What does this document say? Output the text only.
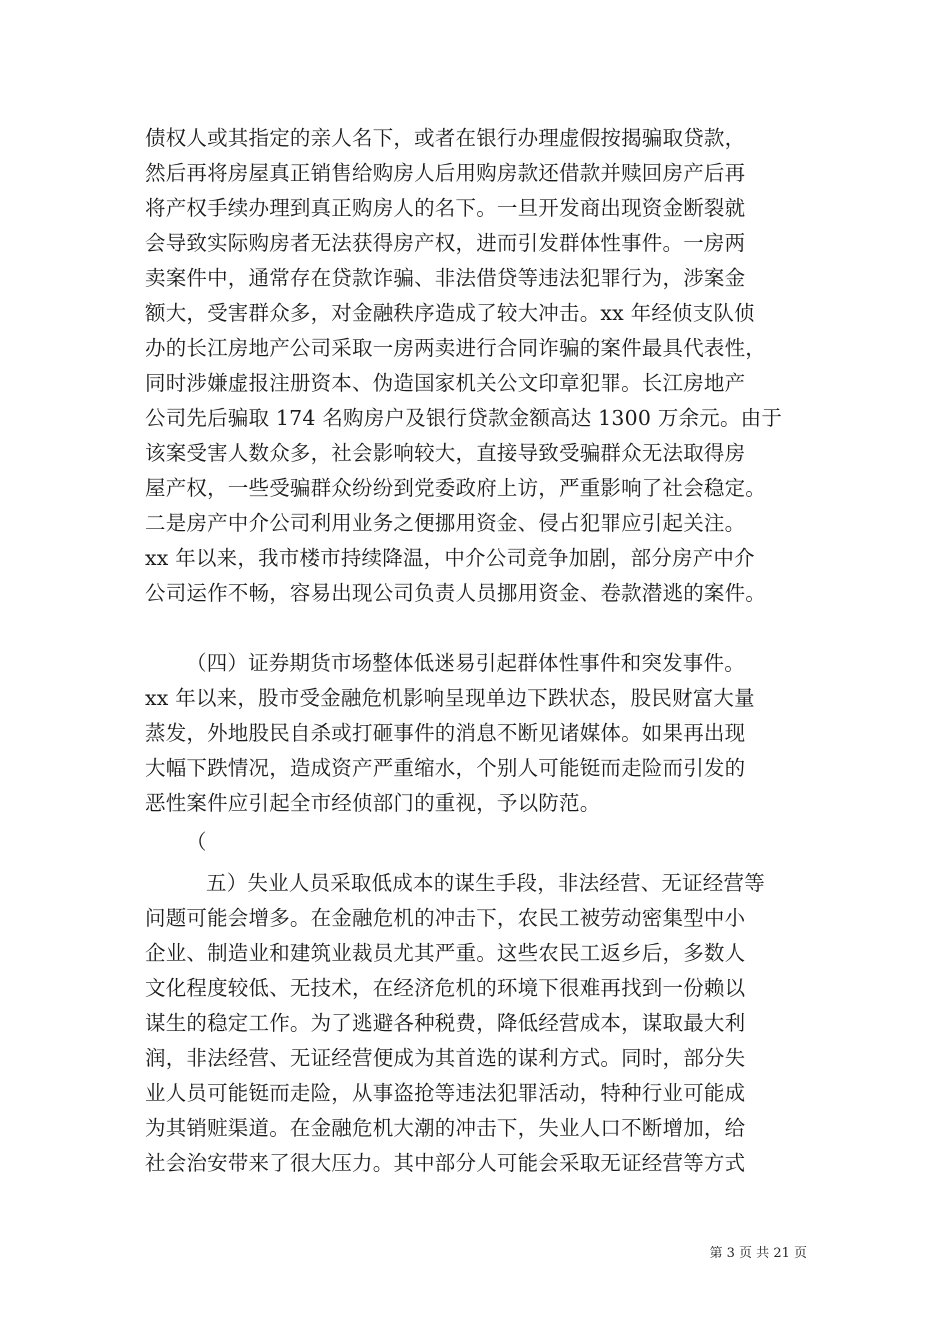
债权人或其指定的亲人名下，或者在银行办理虚假按揭骗取贷款，
然后再将房屋真正销售给购房人后用购房款还借款并赎回房产后再
将产权手续办理到真正购房人的名下。一旦开发商出现资金断裂就
会导致实际购房者无法获得房产权，进而引发群体性事件。一房两
卖案件中，通常存在贷款诈骗、非法借贷等违法犯罪行为，涉案金
额大，受害群众多，对金融秩序造成了较大冲击。xx 年经侦支队侦
办的长江房地产公司采取一房两卖进行合同诈骗的案件最具代表性，
同时涉嫌虚报注册资本、伪造国家机关公文印章犯罪。长江房地产
公司先后骗取 174 名购房户及银行贷款金额高达 1300 万余元。由于
该案受害人数众多，社会影响较大，直接导致受骗群众无法取得房
屋产权，一些受骗群众纷纷到党委政府上访，严重影响了社会稳定。
二是房产中介公司利用业务之便挪用资金、侵占犯罪应引起关注。
xx 年以来，我市楼市持续降温，中介公司竞争加剧，部分房产中介
公司运作不畅，容易出现公司负责人员挪用资金、卷款潜逃的案件。
（四）证券期货市场整体低迷易引起群体性事件和突发事件。
xx 年以来，股市受金融危机影响呈现单边下跌状态，股民财富大量
蒸发，外地股民自杀或打砸事件的消息不断见诸媒体。如果再出现
大幅下跌情况，造成资产严重缩水，个别人可能铤而走险而引发的
恶性案件应引起全市经侦部门的重视，予以防范。
（
五）失业人员采取低成本的谋生手段，非法经营、无证经营等
问题可能会增多。在金融危机的冲击下，农民工被劳动密集型中小
企业、制造业和建筑业裁员尤其严重。这些农民工返乡后，多数人
文化程度较低、无技术，在经济危机的环境下很难再找到一份赖以
谋生的稳定工作。为了逃避各种税费，降低经营成本，谋取最大利
润，非法经营、无证经营便成为其首选的谋利方式。同时，部分失
业人员可能铤而走险，从事盗抢等违法犯罪活动，特种行业可能成
为其销赃渠道。在金融危机大潮的冲击下，失业人口不断增加，给
社会治安带来了很大压力。其中部分人可能会采取无证经营等方式
第 3 页 共 21 页
